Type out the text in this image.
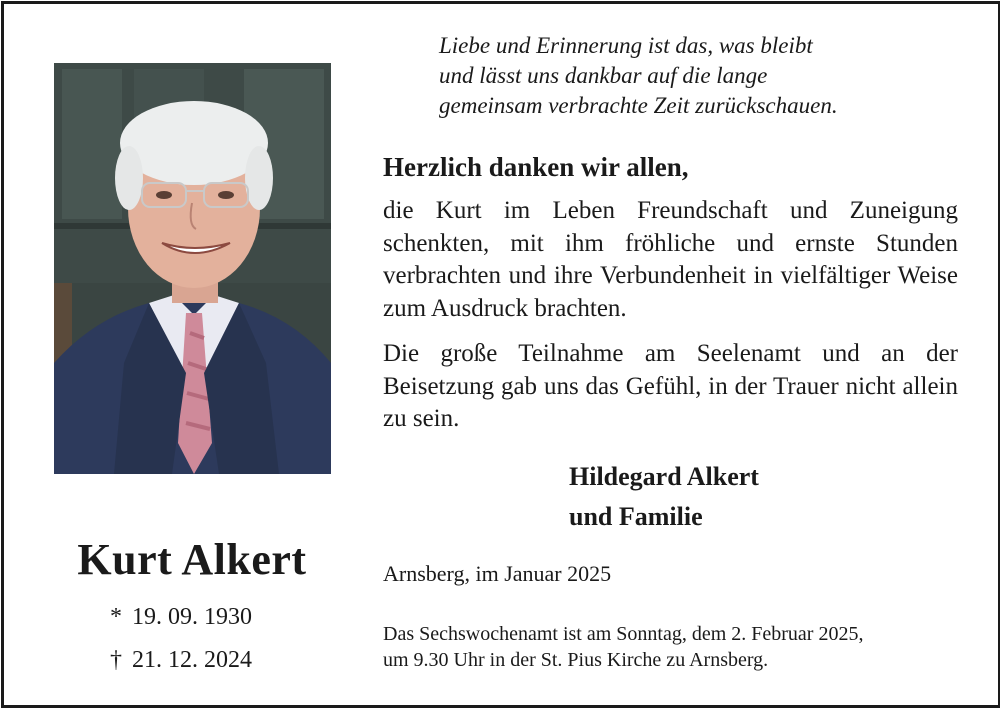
Kurt Alkert
* 19. 09. 1930
† 21. 12. 2024
Liebe und Erinnerung ist das, was bleibt
und lässt uns dankbar auf die lange
gemeinsam verbrachte Zeit zurückschauen.
Herzlich danken wir allen,
die Kurt im Leben Freundschaft und Zuneigung schenkten, mit ihm fröhliche und ernste Stunden verbrachten und ihre Verbundenheit in vielfältiger Weise zum Ausdruck brachten.
Die große Teilnahme am Seelenamt und an der Beisetzung gab uns das Gefühl, in der Trauer nicht allein zu sein.
Hildegard Alkert
und Familie
Arnsberg, im Januar 2025
Das Sechswochenamt ist am Sonntag, dem 2. Februar 2025,
um 9.30 Uhr in der St. Pius Kirche zu Arnsberg.
